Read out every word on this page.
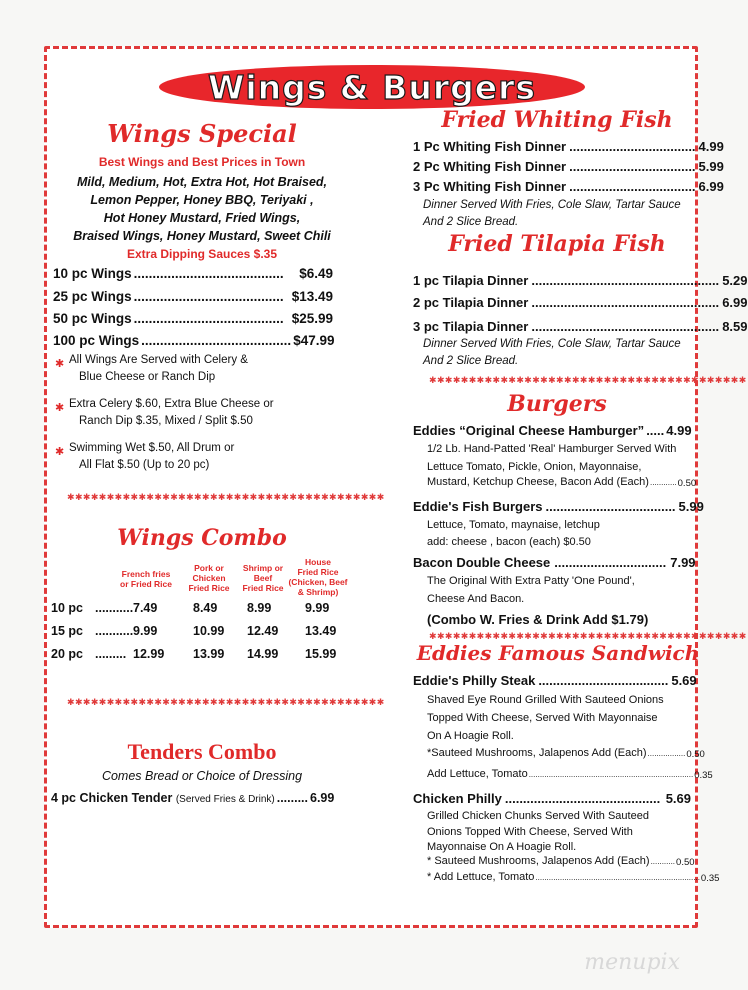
Wings & Burgers
Wings Special
Best Wings and Best Prices in Town
Mild, Medium, Hot, Extra Hot, Hot Braised,
Lemon Pepper, Honey BBQ, Teriyaki ,
Hot Honey Mustard, Fried Wings,
Braised Wings, Honey Mustard, Sweet Chili
Extra Dipping Sauces $.35
10 pc Wings ........................................	$6.49
25 pc Wings ........................................ $13.49
50 pc Wings ........................................ $25.99
100 pc Wings ........................................ $47.99
✱ All Wings Are Served with Celery &
Blue Cheese or Ranch Dip
✱ Extra Celery $.60, Extra Blue Cheese or
Ranch Dip $.35, Mixed / Split $.50
✱ Swimming Wet $.50, All Drum or
All Flat $.50 (Up to 20 pc)
✱✱✱✱✱✱✱✱✱✱✱✱✱✱✱✱✱✱✱✱✱✱✱✱✱✱✱✱✱✱✱✱✱✱✱✱✱✱✱✱
Wings Combo
French fries
or Fried Rice
Pork or
Chicken
Fried Rice
Shrimp or
Beef
Fried Rice
House
Fried Rice
(Chicken, Beef
& Shrimp)
10 pc ........... 7.49	8.49	8.99	9.99
15 pc ........... 9.99	10.99	12.49	13.49
20 pc ......... 12.99	13.99	14.99	15.99
✱✱✱✱✱✱✱✱✱✱✱✱✱✱✱✱✱✱✱✱✱✱✱✱✱✱✱✱✱✱✱✱✱✱✱✱✱✱✱✱
Tenders Combo
Comes Bread or Choice of Dressing
4 pc Chicken Tender (Served Fries & Drink) ......... 6.99
Fried Whiting Fish
1 Pc Whiting Fish Dinner ................................... 4.99
2 Pc Whiting Fish Dinner ................................... 5.99
3 Pc Whiting Fish Dinner ................................... 6.99
Dinner Served With Fries, Cole Slaw, Tartar Sauce
And 2 Slice Bread.
Fried Tilapia Fish
1 pc Tilapia Dinner .................................................... 5.29
2 pc Tilapia Dinner .................................................... 6.99
3 pc Tilapia Dinner .................................................... 8.59
Dinner Served With Fries, Cole Slaw, Tartar Sauce
And 2 Slice Bread.
✱✱✱✱✱✱✱✱✱✱✱✱✱✱✱✱✱✱✱✱✱✱✱✱✱✱✱✱✱✱✱✱✱✱✱✱✱✱✱✱
Burgers
Eddies “Original Cheese Hamburger” ..... 4.99
1/2 Lb. Hand-Patted 'Real' Hamburger Served With
Lettuce Tomato, Pickle, Onion, Mayonnaise,
Mustard, Ketchup Cheese, Bacon Add (Each) ............ 0.50
Eddie's Fish Burgers .................................... 5.99
Lettuce, Tomato, maynaise, letchup
add: cheese , bacon (each) $0.50
Bacon Double Cheese ............................... 7.99
The Original With Extra Patty 'One Pound',
Cheese And Bacon.
(Combo W. Fries & Drink Add $1.79)
✱✱✱✱✱✱✱✱✱✱✱✱✱✱✱✱✱✱✱✱✱✱✱✱✱✱✱✱✱✱✱✱✱✱✱✱✱✱✱✱
Eddies Famous Sandwich
Eddie's Philly Steak .................................... 5.69
Shaved Eye Round Grilled With Sauteed Onions
Topped With Cheese, Served With Mayonnaise
On A Hoagie Roll.
*Sauteed Mushrooms, Jalapenos Add (Each) ................. 0.50
Add Lettuce, Tomato .......................................................................... 0.35
Chicken Philly ........................................... 5.69
Grilled Chicken Chunks Served With Sauteed
Onions Topped With Cheese, Served With
Mayonnaise On A Hoagie Roll.
* Sauteed Mushrooms, Jalapenos Add (Each) ........... 0.50
* Add Lettuce, Tomato .......................................................................... 0.35
menupix
